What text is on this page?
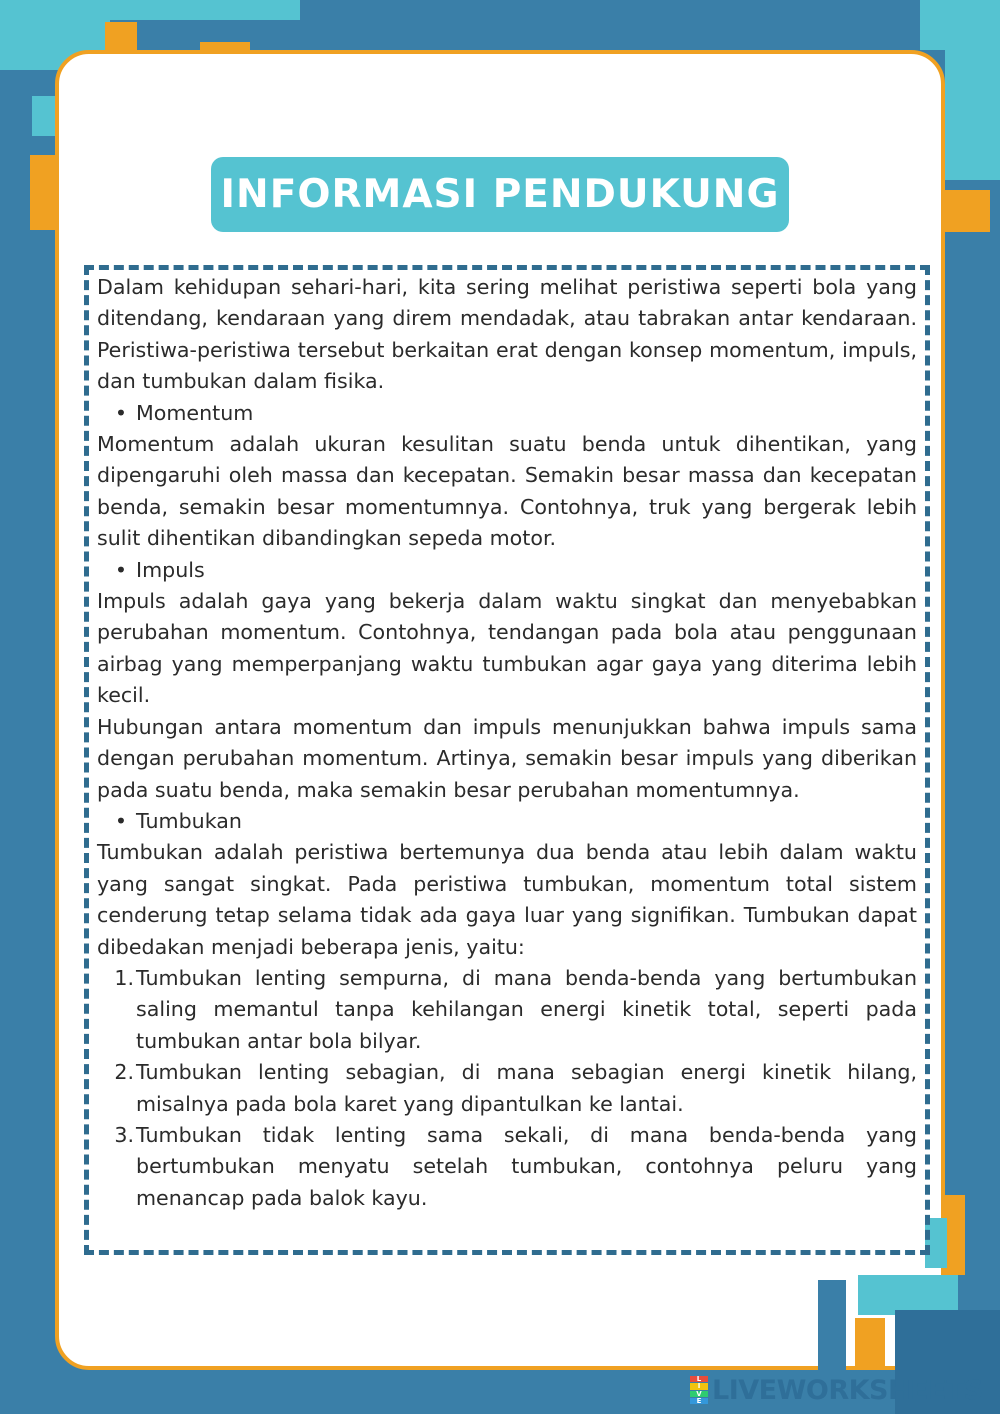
INFORMASI PENDUKUNG

Dalam kehidupan sehari-hari, kita sering melihat peristiwa seperti bola yang ditendang, kendaraan yang direm mendadak, atau tabrakan antar kendaraan. Peristiwa-peristiwa tersebut berkaitan erat dengan konsep momentum, impuls, dan tumbukan dalam fisika.

• Momentum

Momentum adalah ukuran kesulitan suatu benda untuk dihentikan, yang dipengaruhi oleh massa dan kecepatan. Semakin besar massa dan kecepatan benda, semakin besar momentumnya. Contohnya, truk yang bergerak lebih sulit dihentikan dibandingkan sepeda motor.

• Impuls

Impuls adalah gaya yang bekerja dalam waktu singkat dan menyebabkan perubahan momentum. Contohnya, tendangan pada bola atau penggunaan airbag yang memperpanjang waktu tumbukan agar gaya yang diterima lebih kecil.

Hubungan antara momentum dan impuls menunjukkan bahwa impuls sama dengan perubahan momentum. Artinya, semakin besar impuls yang diberikan pada suatu benda, maka semakin besar perubahan momentumnya.

• Tumbukan

Tumbukan adalah peristiwa bertemunya dua benda atau lebih dalam waktu yang sangat singkat. Pada peristiwa tumbukan, momentum total sistem cenderung tetap selama tidak ada gaya luar yang signifikan. Tumbukan dapat dibedakan menjadi beberapa jenis, yaitu:

1. Tumbukan lenting sempurna, di mana benda-benda yang bertumbukan saling memantul tanpa kehilangan energi kinetik total, seperti pada tumbukan antar bola bilyar.
2. Tumbukan lenting sebagian, di mana sebagian energi kinetik hilang, misalnya pada bola karet yang dipantulkan ke lantai.
3. Tumbukan tidak lenting sama sekali, di mana benda-benda yang bertumbukan menyatu setelah tumbukan, contohnya peluru yang menancap pada balok kayu.
L
I
V
E LIVEWORKSHEETS
